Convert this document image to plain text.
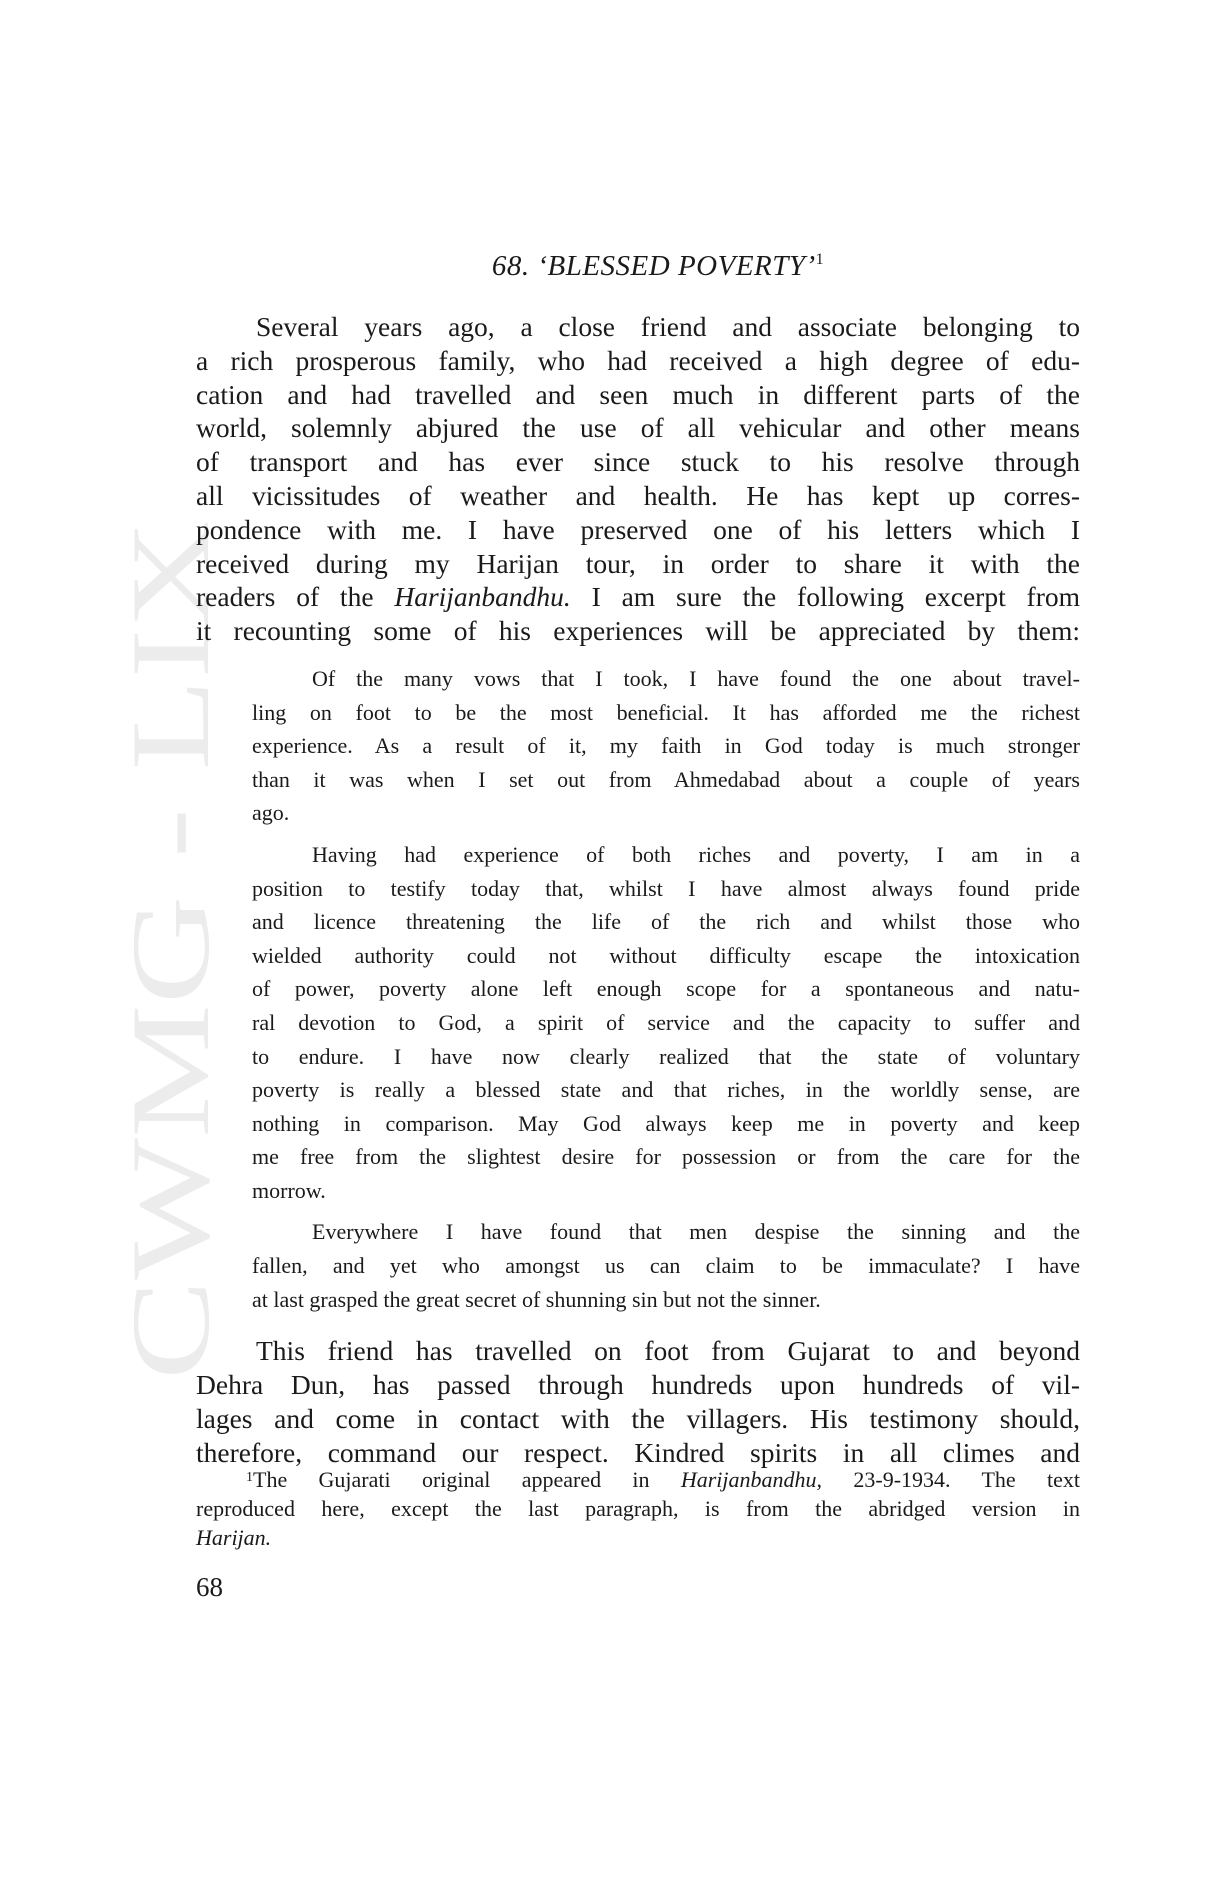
CWMG - LIX
68. ‘BLESSED POVERTY’$^1$
Several years ago, a close friend and associate belonging to
a rich prosperous family, who had received a high degree of edu-
cation and had travelled and seen much in different parts of the
world, solemnly abjured the use of all vehicular and other means
of transport and has ever since stuck to his resolve through
all vicissitudes of weather and health. He has kept up corres-
pondence with me. I have preserved one of his letters which I
received during my Harijan tour, in order to share it with the
readers of the Harijanbandhu. I am sure the following excerpt from
it recounting some of his experiences will be appreciated by them:
Of the many vows that I took, I have found the one about travel-
ling on foot to be the most beneficial. It has afforded me the richest
experience. As a result of it, my faith in God today is much stronger
than it was when I set out from Ahmedabad about a couple of years
ago.
Having had experience of both riches and poverty, I am in a
position to testify today that, whilst I have almost always found pride
and licence threatening the life of the rich and whilst those who
wielded authority could not without difficulty escape the intoxication
of power, poverty alone left enough scope for a spontaneous and natu-
ral devotion to God, a spirit of service and the capacity to suffer and
to endure. I have now clearly realized that the state of voluntary
poverty is really a blessed state and that riches, in the worldly sense, are
nothing in comparison. May God always keep me in poverty and keep
me free from the slightest desire for possession or from the care for the
morrow.
Everywhere I have found that men despise the sinning and the
fallen, and yet who amongst us can claim to be immaculate? I have
at last grasped the great secret of shunning sin but not the sinner.
This friend has travelled on foot from Gujarat to and beyond
Dehra Dun, has passed through hundreds upon hundreds of vil-
lages and come in contact with the villagers. His testimony should,
therefore, command our respect. Kindred spirits in all climes and
$^1$The Gujarati original appeared in Harijanbandhu, 23-9-1934. The text
reproduced here, except the last paragraph, is from the abridged version in
Harijan.
68
